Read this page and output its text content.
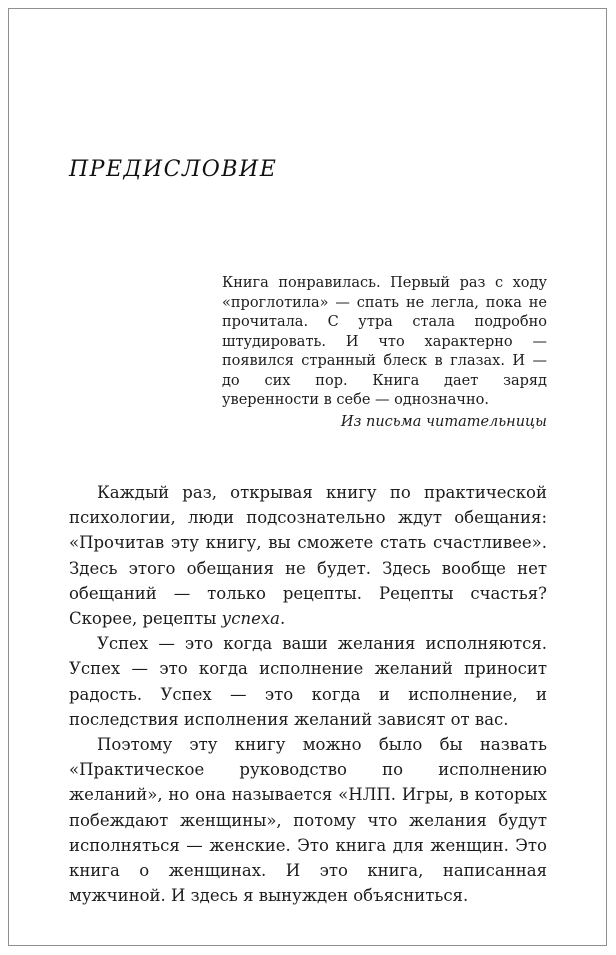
ПРЕДИСЛОВИЕ

Книга понравилась. Первый раз с ходу «проглотила» — спать не легла, пока не прочитала. С утра стала подробно штудировать. И что характерно — появился странный блеск в глазах. И — до сих пор. Книга дает заряд уверенности в себе — однозначно.

Из письма читательницы

Каждый раз, открывая книгу по практической психологии, люди подсознательно ждут обещания: «Прочитав эту книгу, вы сможете стать счастливее». Здесь этого обещания не будет. Здесь вообще нет обещаний — только рецепты. Рецепты счастья? Скорее, рецепты успеха.

Успех — это когда ваши желания исполняются. Успех — это когда исполнение желаний приносит радость. Успех — это когда и исполнение, и последствия исполнения желаний зависят от вас.

Поэтому эту книгу можно было бы назвать «Практическое руководство по исполнению желаний», но она называется «НЛП. Игры, в которых побеждают женщины», потому что желания будут исполняться — женские. Это книга для женщин. Это книга о женщинах. И это книга, написанная мужчиной. И здесь я вынужден объясниться.
